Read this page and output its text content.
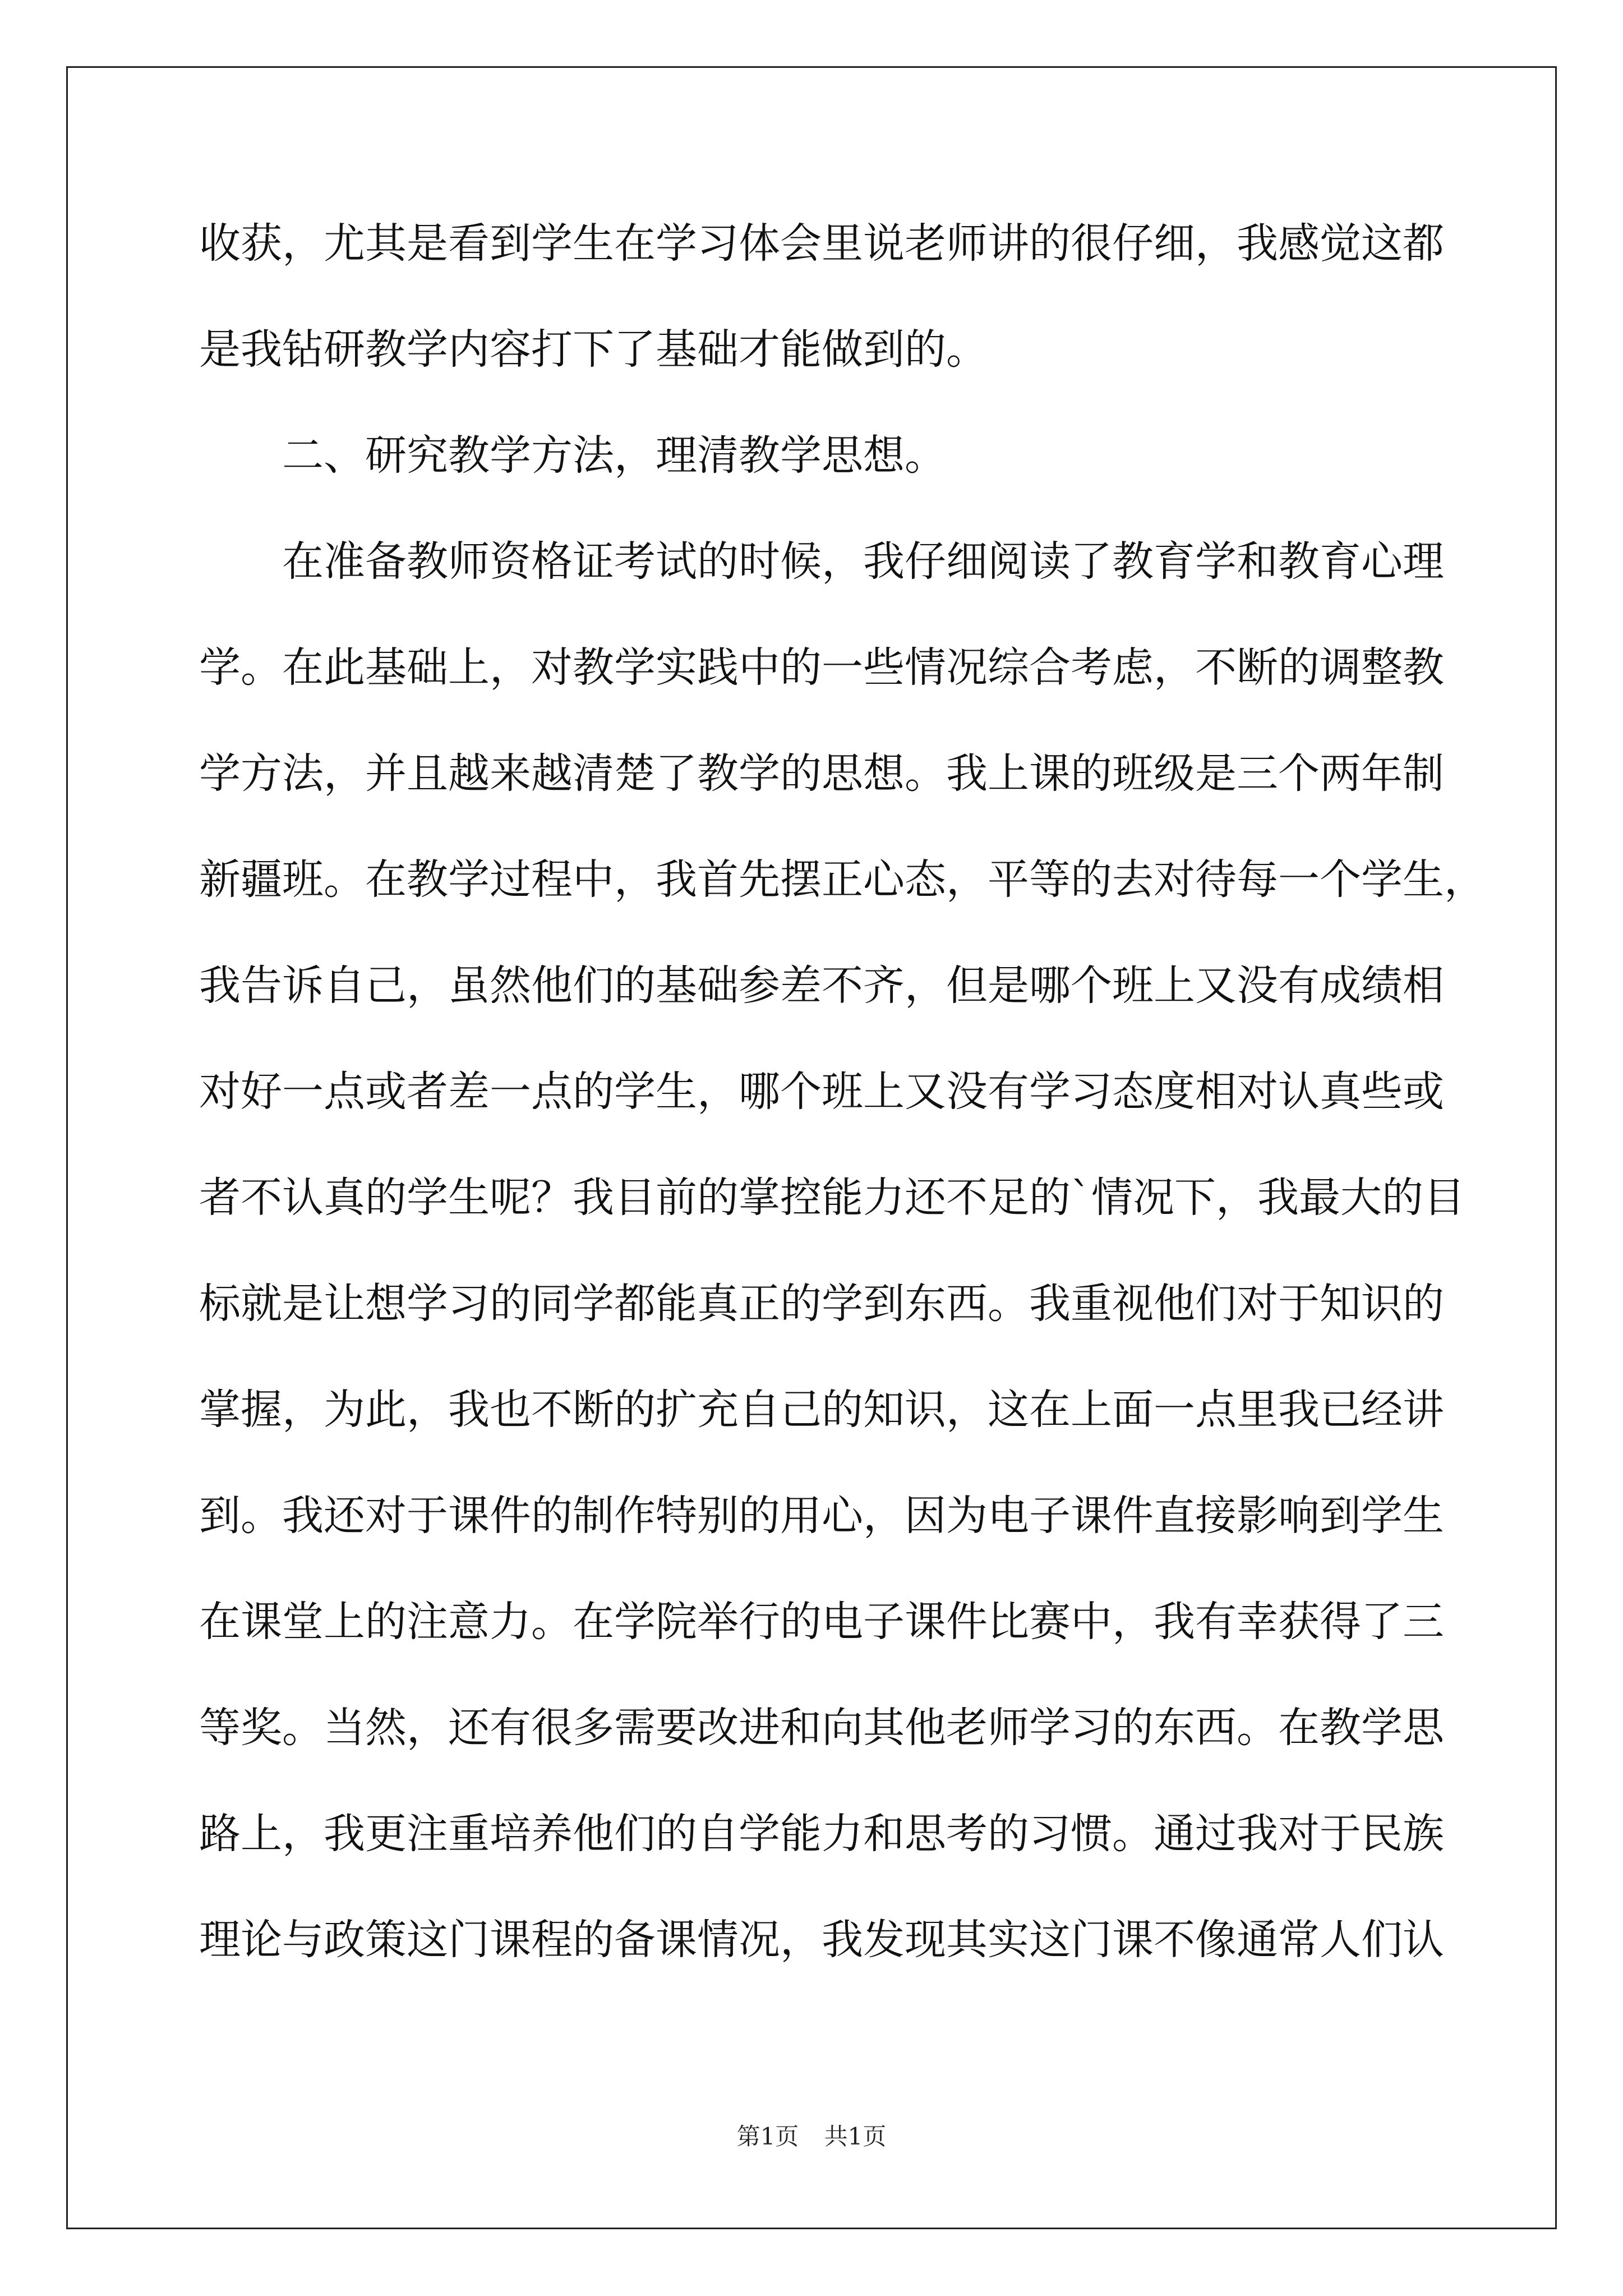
收获，尤其是看到学生在学习体会里说老师讲的很仔细，我感觉这都
是我钻研教学内容打下了基础才能做到的。
二、研究教学方法，理清教学思想。
在准备教师资格证考试的时候，我仔细阅读了教育学和教育心理
学。在此基础上，对教学实践中的一些情况综合考虑，不断的调整教
学方法，并且越来越清楚了教学的思想。我上课的班级是三个两年制
新疆班。在教学过程中，我首先摆正心态，平等的去对待每一个学生，
我告诉自己，虽然他们的基础参差不齐，但是哪个班上又没有成绩相
对好一点或者差一点的学生，哪个班上又没有学习态度相对认真些或
者不认真的学生呢？我目前的掌控能力还不足的`情况下，我最大的目
标就是让想学习的同学都能真正的学到东西。我重视他们对于知识的
掌握，为此，我也不断的扩充自己的知识，这在上面一点里我已经讲
到。我还对于课件的制作特别的用心，因为电子课件直接影响到学生
在课堂上的注意力。在学院举行的电子课件比赛中，我有幸获得了三
等奖。当然，还有很多需要改进和向其他老师学习的东西。在教学思
路上，我更注重培养他们的自学能力和思考的习惯。通过我对于民族
理论与政策这门课程的备课情况，我发现其实这门课不像通常人们认
第1页 共1页
